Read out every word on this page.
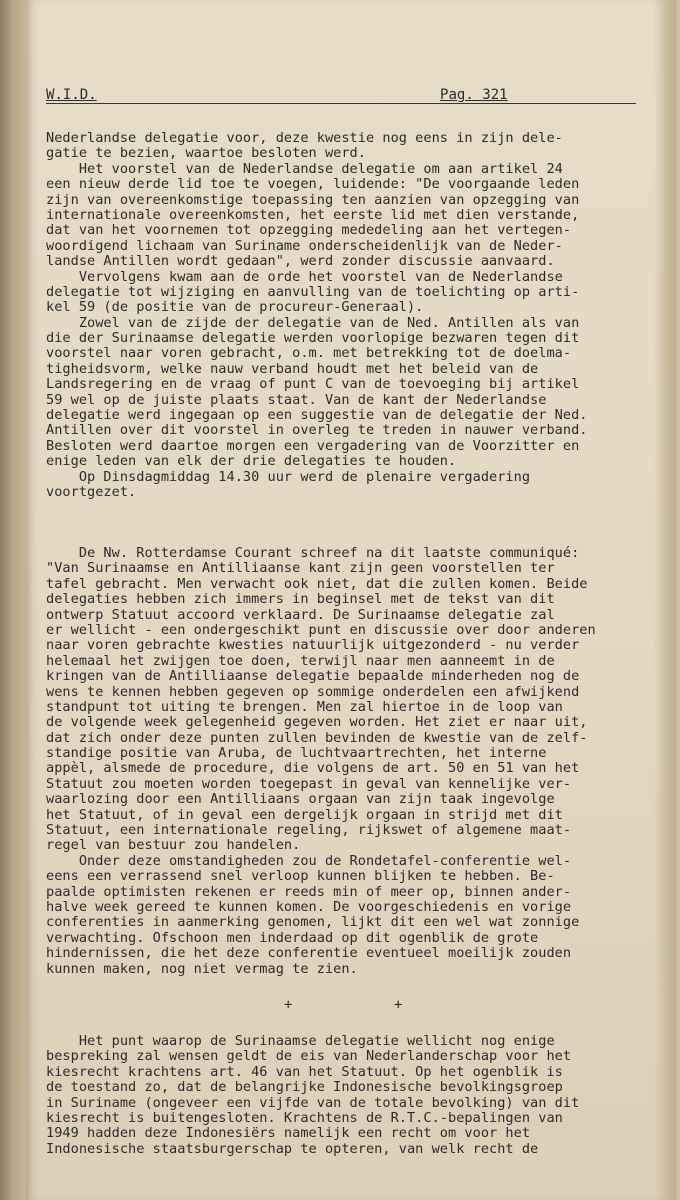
W.I.D.	Pag. 321
Nederlandse delegatie voor, deze kwestie nog eens in zijn dele-
gatie te bezien, waartoe besloten werd.
Het voorstel van de Nederlandse delegatie om aan artikel 24
een nieuw derde lid toe te voegen, luidende: "De voorgaande leden
zijn van overeenkomstige toepassing ten aanzien van opzegging van
internationale overeenkomsten, het eerste lid met dien verstande,
dat van het voornemen tot opzegging mededeling aan het vertegen-
woordigend lichaam van Suriname onderscheidenlijk van de Neder-
landse Antillen wordt gedaan", werd zonder discussie aanvaard.
Vervolgens kwam aan de orde het voorstel van de Nederlandse
delegatie tot wijziging en aanvulling van de toelichting op arti-
kel 59 (de positie van de procureur-Generaal).
Zowel van de zijde der delegatie van de Ned. Antillen als van
die der Surinaamse delegatie werden voorlopige bezwaren tegen dit
voorstel naar voren gebracht, o.m. met betrekking tot de doelma-
tigheidsvorm, welke nauw verband houdt met het beleid van de
Landsregering en de vraag of punt C van de toevoeging bij artikel
59 wel op de juiste plaats staat. Van de kant der Nederlandse
delegatie werd ingegaan op een suggestie van de delegatie der Ned.
Antillen over dit voorstel in overleg te treden in nauwer verband.
Besloten werd daartoe morgen een vergadering van de Voorzitter en
enige leden van elk der drie delegaties te houden.
Op Dinsdagmiddag 14.30 uur werd de plenaire vergadering
voortgezet.
De Nw. Rotterdamse Courant schreef na dit laatste communiqué:
"Van Surinaamse en Antilliaanse kant zijn geen voorstellen ter
tafel gebracht. Men verwacht ook niet, dat die zullen komen. Beide
delegaties hebben zich immers in beginsel met de tekst van dit
ontwerp Statuut accoord verklaard. De Surinaamse delegatie zal
er wellicht - een ondergeschikt punt en discussie over door anderen
naar voren gebrachte kwesties natuurlijk uitgezonderd - nu verder
helemaal het zwijgen toe doen, terwijl naar men aanneemt in de
kringen van de Antilliaanse delegatie bepaalde minderheden nog de
wens te kennen hebben gegeven op sommige onderdelen een afwijkend
standpunt tot uiting te brengen. Men zal hiertoe in de loop van
de volgende week gelegenheid gegeven worden. Het ziet er naar uit,
dat zich onder deze punten zullen bevinden de kwestie van de zelf-
standige positie van Aruba, de luchtvaartrechten, het interne
appèl, alsmede de procedure, die volgens de art. 50 en 51 van het
Statuut zou moeten worden toegepast in geval van kennelijke ver-
waarlozing door een Antilliaans orgaan van zijn taak ingevolge
het Statuut, of in geval een dergelijk orgaan in strijd met dit
Statuut, een internationale regeling, rijkswet of algemene maat-
regel van bestuur zou handelen.
Onder deze omstandigheden zou de Rondetafel-conferentie wel-
eens een verrassend snel verloop kunnen blijken te hebben. Be-
paalde optimisten rekenen er reeds min of meer op, binnen ander-
halve week gereed te kunnen komen. De voorgeschiedenis en vorige
conferenties in aanmerking genomen, lijkt dit een wel wat zonnige
verwachting. Ofschoon men inderdaad op dit ogenblik de grote
hindernissen, die het deze conferentie eventueel moeilijk zouden
kunnen maken, nog niet vermag te zien.
+	+
Het punt waarop de Surinaamse delegatie wellicht nog enige
bespreking zal wensen geldt de eis van Nederlanderschap voor het
kiesrecht krachtens art. 46 van het Statuut. Op het ogenblik is
de toestand zo, dat de belangrijke Indonesische bevolkingsgroep
in Suriname (ongeveer een vijfde van de totale bevolking) van dit
kiesrecht is buitengesloten. Krachtens de R.T.C.-bepalingen van
1949 hadden deze Indonesiërs namelijk een recht om voor het
Indonesische staatsburgerschap te opteren, van welk recht de
